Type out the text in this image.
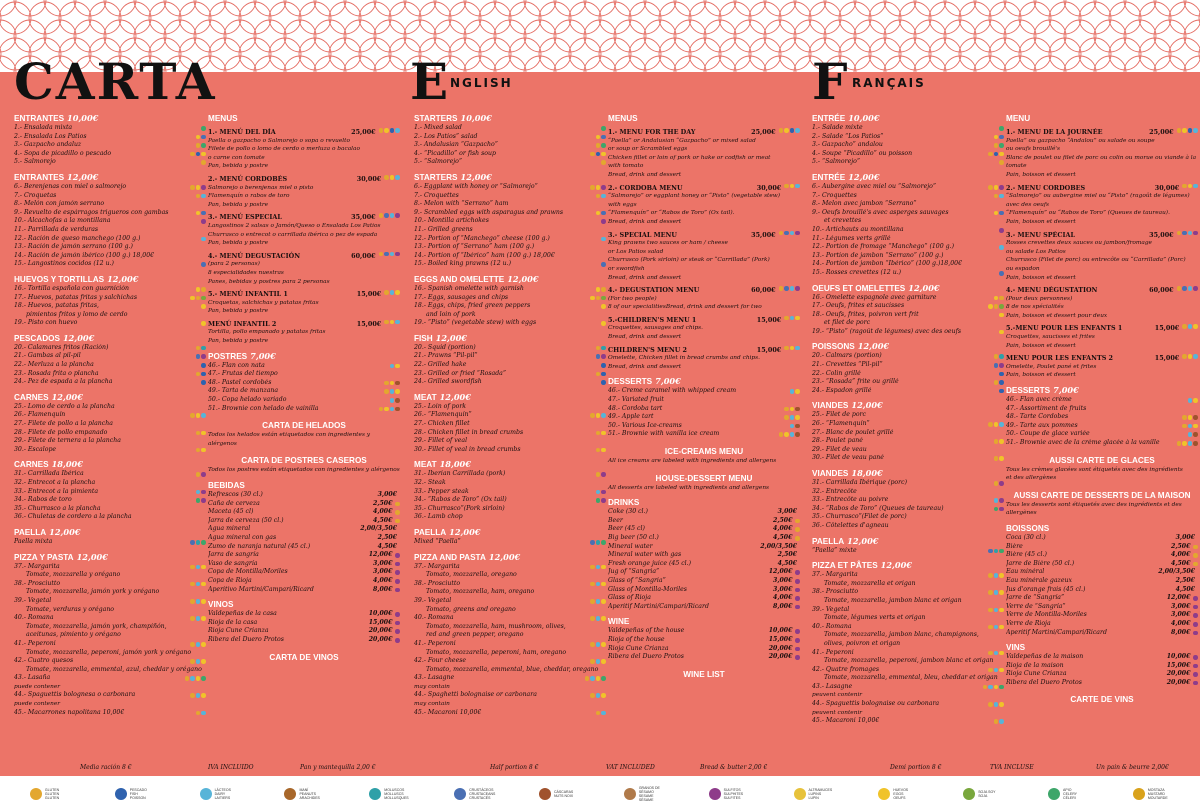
CARTA	E NGLISH	F RANÇAIS
ENTRANTES 10,00€
1.- Ensalada mixta
2.- Ensalada Los Patios
3.- Gazpacho andaluz
4.- Sopa de picadillo o pescado
5.- Salmorejo
ENTRANTES 12,00€
6.- Berenjenas con miel o salmorejo
7.- Croquetas
8.- Melón con jamón serrano
9.- Revuelto de espárragos trigueros con gambas
10.- Alcachofas a la montillana
11.- Parrillada de verduras
12.- Ración de queso manchego (100 g.)
13.- Ración de jamón serrano (100 g.)
14.- Ración de jamón ibérico (100 g.) 18,00€
15.- Langostinos cocidos (12 u.)
HUEVOS Y TORTILLAS 12,00€
16.- Tortilla española con guarnición
17.- Huevos, patatas fritas y salchichas
18.- Huevos, patatas fritas,
pimientos fritos y lomo de cerdo
19.- Pisto con huevo
PESCADOS 12,00€
20.- Calamares fritos (Ración)
21.- Gambas al pil-pil
22.- Merluza a la plancha
23.- Rosada frita o plancha
24.- Pez de espada a la plancha
CARNES 12,00€
25.- Lomo de cerdo a la plancha
26.- Flamenquín
27.- Filete de pollo a la plancha
28.- Filete de pollo empanado
29.- Filete de ternera a la plancha
30.- Escalope
CARNES 18,00€
31.- Carrillada Ibérica
32.- Entrecot a la plancha
33.- Entrecot a la pimienta
34.- Rabos de toro
35.- Churrasco a la plancha
36.- Chuletas de cordero a la plancha
PAELLA 12,00€
Paella mixta
PIZZA Y PASTA 12,00€
37.- Margarita
Tomate, mozzarella y orégano
38.- Prosciutto
Tomate, mozzarella, jamón york y orégano
39.- Vegetal
Tomate, verduras y orégano
40.- Romana
Tomate, mozzarella, jamón york, champiñón,
aceitunas, pimiento y orégano
41.- Peperoni
Tomate, mozzarella, peperoni, jamón york y orégano
42.- Cuatro quesos
Tomate, mozzarella, emmental, azul, cheddar y orégano
43.- Lasaña
puede contener
44.- Spaguettis bolognesa o carbonara
puede contener
45.- Macarrones napolitana 10,00€
MENUS
1.- MENÚ DEL DÍA	25,00€
Paella o gazpacho o Salmorejo o sopa o revuelto
Filete de pollo o lomo de cerdo o merluza o bacalao
o carne con tomate
Pan, bebida y postre
2.- MENÚ CORDOBÉS	30,00€
Salmorejo o berenjenas miel o pisto
Flamenquín o rabos de toro
Pan, bebida y postre
3.- MENÚ ESPECIAL	35,00€
Langostinos 2 salsas o Jamón/Queso o Ensalada Los Patios
Churrasco o entrecot o carrillada ibérica o pez de espada
Pan, bebida y postre
4.- MENÚ DEGUSTACIÓN	60,00€
(para 2 personas)
8 especialidades nuestras
Panes, bebidas y postres para 2 personas
5.- MENÚ INFANTIL 1	15,00€
Croquetas, salchichas y patatas fritas
Pan, bebida y postre
MENÚ INFANTIL 2	15,00€
Tortilla, pollo empanado y patatas fritas
Pan, bebida y postre
POSTRES 7,00€
46.- Flan con nata
47.- Frutas del tiempo
48.- Pastel cordobés
49.- Tarta de manzana
50.- Copa helado variado
51.- Brownie con helado de vainilla
CARTA DE HELADOS
Todos los helados están etiquetados con ingredientes y alérgenos
CARTA DE POSTRES CASEROS
Todos los postres están etiquetados con ingredientes y alérgenos
BEBIDAS
Refrescos (30 cl.)	3,00€
Caña de cerveza	2,50€
Maceta (45 cl)	4,00€
Jarra de cerveza (50 cl.)	4,50€
Agua mineral	2,00/3,50€
Agua mineral con gas	2,50€
Zumo de naranja natural (45 cl.)	4,50€
Jarra de sangría	12,00€
Vaso de sangría	3,00€
Copa de Montilla/Moriles	3,00€
Copa de Rioja	4,00€
Aperitivo Martini/Campari/Ricard	8,00€
VINOS
Valdepeñas de la casa	10,00€
Rioja de la casa	15,00€
Rioja Cune Crianza	20,00€
Ribera del Duero Protos	20,00€
CARTA DE VINOS
STARTERS 10,00€
1.- Mixed salad
2.- Los Patios” salad
3.- Andalusian “Gazpacho”
4.- “Picadillo” or fish soup
5.- “Salmorejo”
STARTERS 12,00€
6.- Eggplant with honey or “Salmorejo”
7.- Croquettes
8.- Melon with “Serrano” ham
9.- Scrambled eggs with asparagus and prawns
10.- Montilla artichokes
11.- Grilled greens
12.- Portion of “Manchego” cheese (100 g.)
13.- Portion of “Serrano” ham (100 g.)
14.- Portion of “Ibérico” ham (100 g.) 18,00€
15.- Boiled king prawns (12 u.)
EGGS AND OMELETTE 12,00€
16.- Spanish omelette with garnish
17.- Eggs, sausages and chips
18.- Eggs, chips, fried green peppers
and loin of pork
19.- “Pisto” (vegetable stew) with eggs
FISH 12,00€
20.- Squid (portion)
21.- Prawns “Pil-pil”
22.- Grilled hake
23.- Grilled or fried “Rosada”
24.- Grilled swordfish
MEAT 12,00€
25.- Loin of pork
26.- “Flamenquín”
27.- Chicken fillet
28.- Chicken fillet in bread crumbs
29.- Fillet of veal
30.- Fillet of veal in bread crumbs
MEAT 18,00€
31.- Iberian Carrillada (pork)
32.- Steak
33.- Pepper steak
34.- “Rabos de Toro” (Ox tail)
35.- Churrasco”(Pork sirloin)
36.- Lamb chop
PAELLA 12,00€
Mixed “Paella”
PIZZA AND PASTA 12,00€
37.- Margarita
Tomato, mozzarella, oregano
38.- Prosciutto
Tomato, mozzarella, ham, oregano
39.- Vegetal
Tomato, greens and oregano
40.- Romana
Tomato, mozzarella, ham, mushroom, olives,
red and green pepper, oregano
41.- Peperoni
Tomato, mozzarella, peperoni, ham, oregano
42.- Four cheese
Tomato, mozzarella, emmental, blue, cheddar, oregano
43.- Lasagne
may contain
44.- Spaghetti bolognaise or carbonara
may contain
45.- Macaroni 10,00€
MENUS
1.- MENU FOR THE DAY	25,00€
“Paella” or Andalusian “Gazpacho” or mixed salad
or soup or Scrambled eggs
Chicken fillet or loin of pork or hake or codfish or meat
with tomato
Bread, drink and dessert
2.- CORDOBA MENU	30,00€
“Salmorejo” or eggplant honey or “Pisto” (vegetable stew)
with eggs
“Flamenquín” or “Rabos de Toro” (Ox tail).
Bread, drink and dessert
3.- SPECIAL MENU	35,00€
King prawns two sauces or ham / cheese
or Los Patios salad
Churrasco (Pork sirloin) or steak or “Carrillada” (Pork)
or swordfish
Bread, drink and dessert
4.- DEGUSTATION MENU	60,00€
(For two people)
8 of our specialitiesBread, drink and dessert for two
5.-CHILDREN'S MENU 1	15,00€
Croquettes, sausages and chips.
Bread, drink and dessert
CHILDREN'S MENU 2	15,00€
Omelette, Chicken fillet in bread crumbs and chips.
Bread, drink and dessert
DESSERTS 7,00€
46.- Creme caramel with whipped cream
47.- Variated fruit
48.- Cordoba tart
49.- Apple tart
50.- Various Ice-creams
51.- Brownie with vanilla ice cream
ICE-CREAMS MENU
All ice creams are labeled with ingredients and allergens
HOUSE-DESSERT MENU
All desserts are labeled with ingredients and allergens
DRINKS
Coke (30 cl.)	3,00€
Beer	2,50€
Beer (45 cl)	4,00€
Big beer (50 cl.)	4,50€
Mineral water	2,00/3,50€
Mineral water with gas	2,50€
Fresh orange juice (45 cl.)	4,50€
Jug of “Sangria”	12,00€
Glass of “Sangria”	3,00€
Glass of Montilla-Moriles	3,00€
Glass of Rioja	4,00€
Aperitif Martini/Campari/Ricard	8,00€
WINE
Valdepeñas of the house	10,00€
Rioja of the house	15,00€
Rioja Cune Crianza	20,00€
Ribera del Duero Protos	20,00€
WINE LIST
ENTRÉE 10,00€
1.- Salade mixte
2.- Salade “Los Patios”
3.- Gazpacho” andalou
4.- Soupe “Picadillo” ou poisson
5.- “Salmorejo”
ENTRÉE 12,00€
6.- Aubergine avec miel ou “Salmorejo”
7.- Croquettes
8.- Melon avec jambon “Serrano”
9.- Oeufs brouillé's avec asperges sauvages
et crevettes
10.- Artichauts au montillana
11.- Légumes verts grillé
12.- Portion de fromage “Manchego” (100 g.)
13.- Portion de jambon “Serrano” (100 g.)
14.- Portion de jambon “Ibérico” (100 g.)18,00€
15.- Rosses crevettes (12 u.)
OEUFS ET OMELETTES 12,00€
16.- Omelette espagnole avec garniture
17.- Oeufs, frites et saucisses
18.- Oeufs, frites, poivron vert frit
et filet de porc
19.- “Pisto” (ragoût de légumes) avec des oeufs
POISSONS 12,00€
20.- Calmars (portion)
21.- Crevettes “Pil-pil”
22.- Colin grillé
23.- “Rosada” frite ou grillé
24.- Espadon grillé
VIANDES 12,00€
25.- Filet de porc
26.- “Flamenquín”
27.- Blanc de poulet grillé
28.- Poulet pané
29.- Filet de veau
30.- Filet de veau pané
VIANDES 18,00€
31.- Carrillada Ibérique (porc)
32.- Entrecôte
33.- Entrecôte au poivre
34.- “Rabos de Toro” (Queues de taureau)
35.- Churrasco”(Filet de porc)
36.- Côtelettes d'agneau
PAELLA 12,00€
“Paella” mixte
PIZZA ET PÂTES 12,00€
37.- Margarita
Tomate, mozzarella et origan
38.- Prosciutto
Tomate, mozzarella, jambon blanc et origan
39.- Vegetal
Tomate, légumes verts et origan
40.- Romana
Tomate, mozzarella, jambon blanc, champignons,
olives, poivron et origan
41.- Peperoni
Tomate, mozzarella, peperoni, jambon blanc et origan
42.- Quatre fromages
Tomate, mozzarella, emmental, bleu, cheddar et origan
43.- Lasagne
peuvent contenir
44.- Spaguettis bolognaise ou carbonara
peuvent contenir
45.- Macaroni 10,00€
MENU
1.- MENU DE LA JOURNÉE	25,00€
Paella” ou gazpacho “Andalou” ou salade ou soupe
ou oeufs brouillé's
Blanc de poulet ou filet de porc ou colin ou morue ou viande à la
tomate
Pain, boisson et dessert
2.- MENU CORDOBES	30,00€
“Salmorejo” ou aubergine miel ou “Pisto” (ragoût de légumes)
avec des oeufs
“Flamenquín” ou “Rabos de Toro” (Queues de taureau).
Pain, boisson et dessert
3.- MENU SPÉCIAL	35,00€
Rosses crevettes deux sauces ou jambon/fromage
ou salade Los Patios
Churrasco (Filet de porc) ou entrecôte ou “Carrillada” (Porc)
ou espadon
Pain, boisson et dessert
4.- MENU DÉGUSTATION	60,00€
(Pour deux personnes)
8 de nos spécialités
Pain, boisson et dessert pour deux
5.-MENU POUR LES ENFANTS 1	15,00€
Croquettes, saucisses et frites
Pain, boisson et dessert
MENU POUR LES ENFANTS 2	15,00€
Omelette, Poulet pané et frites
Pain, boisson et dessert
DESSERTS 7,00€
46.- Flan avec crème
47.- Assortiment de fruits
48.- Tarte Cordobes
49.- Tarte aux pommes
50.- Coupe de glace variée
51.- Brownie avec de la crème glacée à la vanille
AUSSI CARTE DE GLACES
Tous les crèmes glacées sont étiquetés avec des ingrédients
et des allergènes
AUSSI CARTE DE DESSERTS DE LA MAISON
Tous les desserts sont étiquetés avec des ingrédients et des
allergènes
BOISSONS
Coca (30 cl.)	3,00€
Bière	2,50€
Bière (45 cl.)	4,00€
Jarre de Bière (50 cl.)	4,50€
Eau minéral	2,00/3,50€
Eau minérale gazeux	2,50€
Jus d'orange frais (45 cl.)	4,50€
Jarre de “Sangría”	12,00€
Verre de “Sangría”	3,00€
Verre de Montilla-Moriles	3,00€
Verre de Rioja	4,00€
Aperitif Martini/Campari/Ricard	8,00€
VINS
Valdepeñas de la maison	10,00€
Rioja de la maison	15,00€
Rioja Cune Crianza	20,00€
Ribera del Duero Protos	20,00€
CARTE DE VINS
Media ración 8 €	IVA INCLUIDO	Pan y mantequilla 2,00 €	Half portion 8 €	VAT INCLUDED	Bread & butter 2,00 €	Demi portion 8 €	TVA INCLUSE	Un pain & beurre 2,00€
GLUTEN GLUTEN GLUTEN
PESCADO FISH POISSON
LÁCTEOS DAIRY LAITIERS
MANÍ PEANUTS ARACHIDES
MOLUSCOS MOLLUSCS MOLLUSQUES
CRUSTÁCEOS CRUSTACEANS CRUSTACÉS
CÁSCARAS NUTS NOIX
GRANOS DE SÉSAMO SESAME SÉSAME
SULFITOS SULPHITES SULFITES
ALTRAMUCES LUPINS LUPIN
HUEVOS EGGS OEUFS
SOJA SOY SOJA
APIO CELERY CÉLERI
MOSTAZA MUSTARD MOUTARDE
